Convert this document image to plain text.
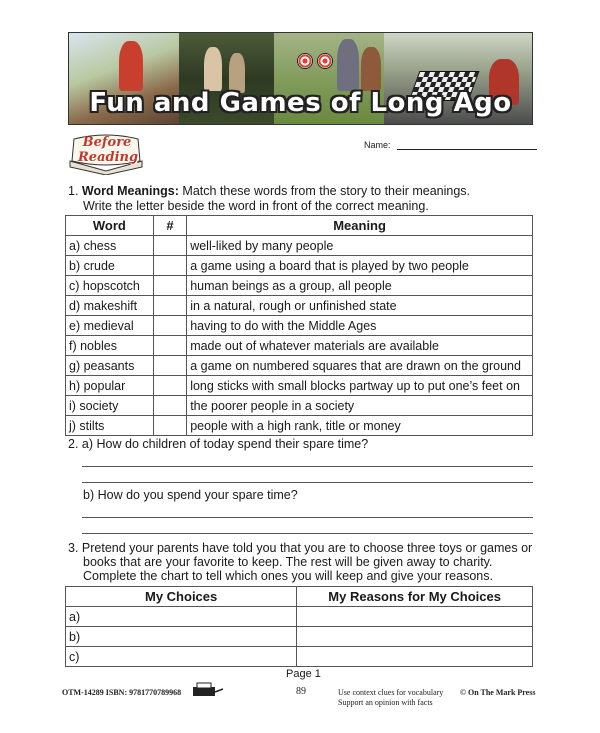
Fun and Games of Long Ago
Before
Reading
Name:
1. Word Meanings: Match these words from the story to their meanings.
Write the letter beside the word in front of the correct meaning.
Word	#	Meaning
a) chess		well-liked by many people
b) crude		a game using a board that is played by two people
c) hopscotch		human beings as a group, all people
d) makeshift		in a natural, rough or unfinished state
e) medieval		having to do with the Middle Ages
f) nobles		made out of whatever materials are available
g) peasants		a game on numbered squares that are drawn on the ground
h) popular		long sticks with small blocks partway up to put one’s feet on
i) society		the poorer people in a society
j) stilts		people with a high rank, title or money
2. a) How do children of today spend their spare time?
b) How do you spend your spare time?
3. Pretend your parents have told you that you are to choose three toys or games or
books that are your favorite to keep. The rest will be given away to charity.
Complete the chart to tell which ones you will keep and give your reasons.
My Choices	My Reasons for My Choices
a)	
b)	
c)	
Page 1
OTM-14289 ISBN: 9781770789968	89	Use context clues for vocabulary
Support an opinion with facts
© On The Mark Press
